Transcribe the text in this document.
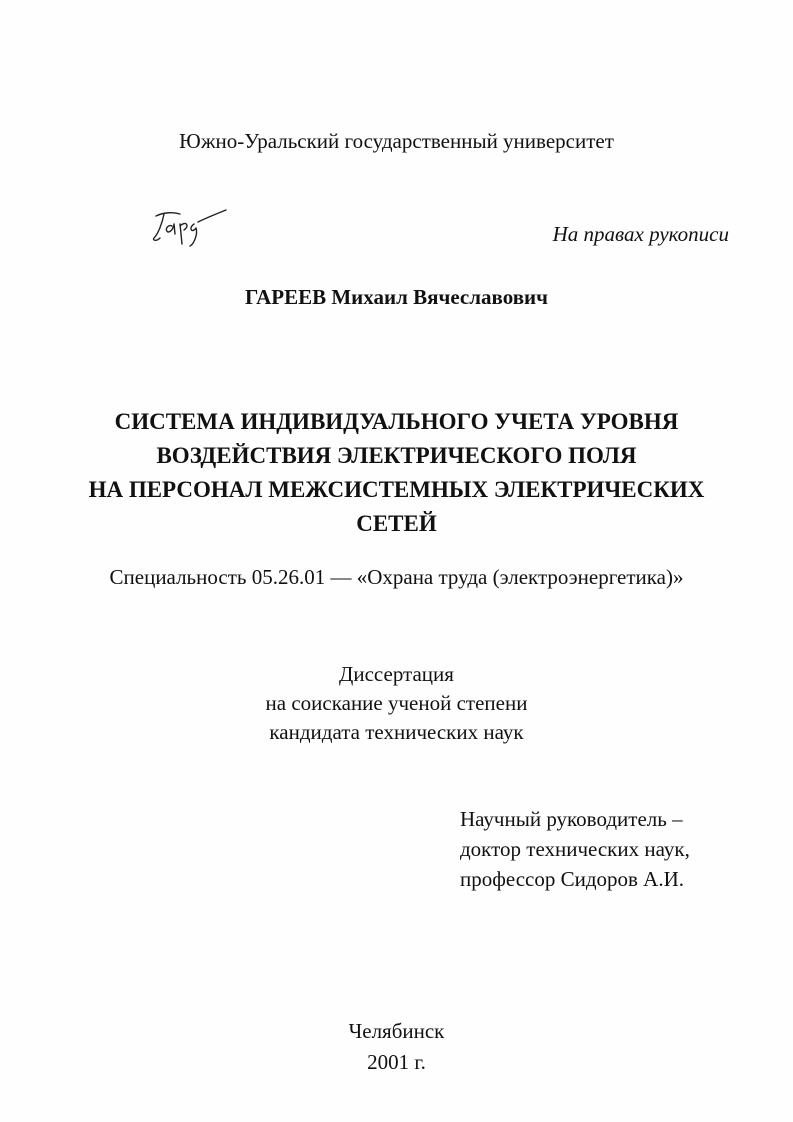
Южно-Уральский государственный университет
На правах рукописи
ГАРЕЕВ Михаил Вячеславович
СИСТЕМА ИНДИВИДУАЛЬНОГО УЧЕТА УРОВНЯ
ВОЗДЕЙСТВИЯ ЭЛЕКТРИЧЕСКОГО ПОЛЯ
НА ПЕРСОНАЛ МЕЖСИСТЕМНЫХ ЭЛЕКТРИЧЕСКИХ
СЕТЕЙ
Специальность 05.26.01 — «Охрана труда (электроэнергетика)»
Диссертация
на соискание ученой степени
кандидата технических наук
Научный руководитель –
доктор технических наук,
профессор Сидоров А.И.
Челябинск
2001 г.
